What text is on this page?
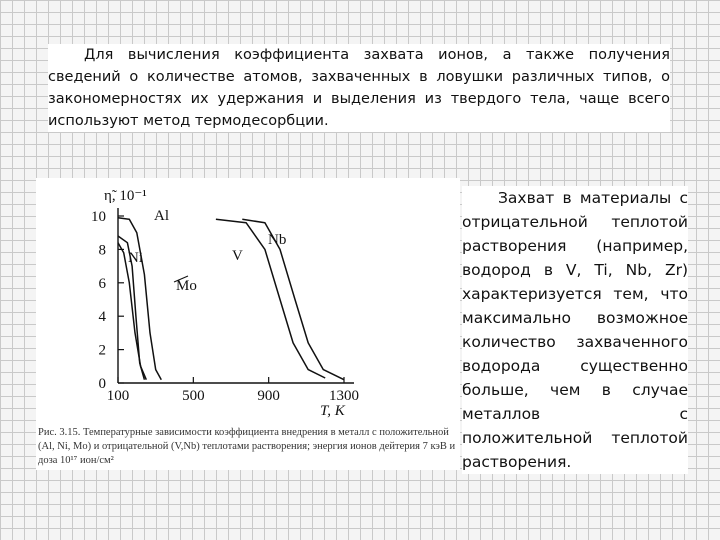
Для вычисления коэффициента захвата ионов, а также получения сведений о количестве атомов, захваченных в ловушки различных типов, о закономерностях их удержания и выделения из твердого тела, чаще всего используют метод термодесорбции.

0
2
4
6
8
10
100	500	900	1300
η̃, 10⁻¹
T, K
Al
Ni
Mo
V
Nb
Рис. 3.15. Температурные зависимости коэффициента внедрения в металл с положительной (Al, Ni, Mo) и отрицательной (V,Nb) теплотами растворения; энергия ионов дейтерия 7 кэВ и доза 10¹⁷ ион/см²

Захват в материалы с отрицательной теплотой растворения (например, водород в V, Ti, Nb, Zr) характеризуется тем, что максимально возможное количество захваченного водорода существенно больше, чем в случае металлов с положительной теплотой растворения.
